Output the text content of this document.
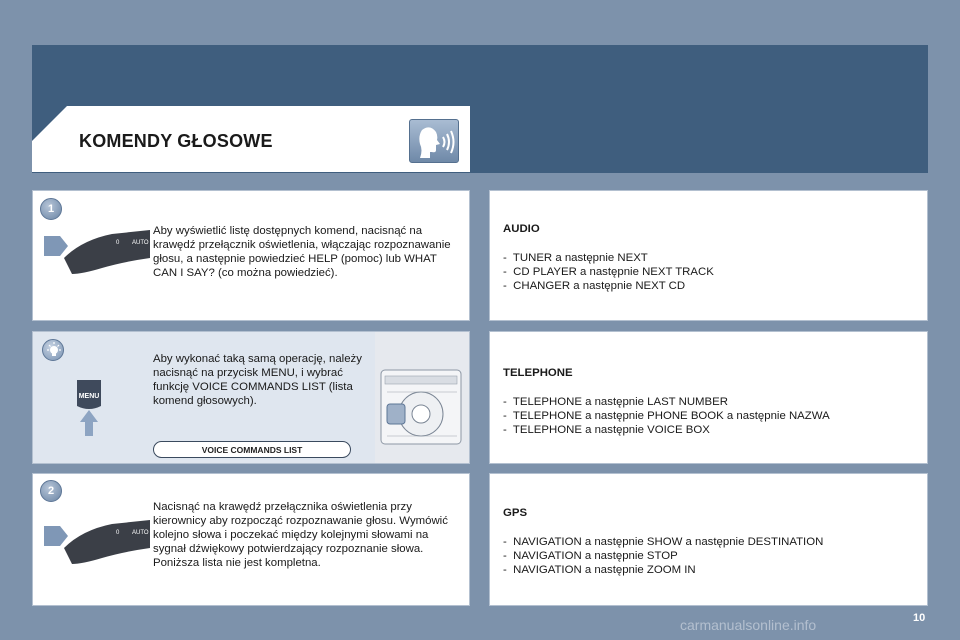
KOMENDY GŁOSOWE
1
0 AUTO
Aby wyświetlić listę dostępnych komend, nacisnąć na krawędź przełącznik oświetlenia, włączając rozpoznawanie głosu, a następnie powiedzieć HELP (pomoc) lub WHAT CAN I SAY? (co można powiedzieć).
MENU
Aby wykonać taką samą operację, należy nacisnąć na przycisk MENU, i wybrać funkcję VOICE COMMANDS LIST (lista komend głosowych).
VOICE COMMANDS LIST
2
0 AUTO
Nacisnąć na krawędź przełącznika oświetlenia przy kierownicy aby rozpocząć rozpoznawanie głosu. Wymówić kolejno słowa i poczekać między kolejnymi słowami na sygnał dźwiękowy potwierdzający rozpoznanie słowa. Poniższa lista nie jest kompletna.
AUDIO
- TUNER a następnie NEXT
- CD PLAYER a następnie NEXT TRACK
- CHANGER a następnie NEXT CD
TELEPHONE
- TELEPHONE a następnie LAST NUMBER
- TELEPHONE a następnie PHONE BOOK a następnie NAZWA
- TELEPHONE a następnie VOICE BOX
GPS
- NAVIGATION a następnie SHOW a następnie DESTINATION
- NAVIGATION a następnie STOP
- NAVIGATION a następnie ZOOM IN
carmanualsonline.info	10
